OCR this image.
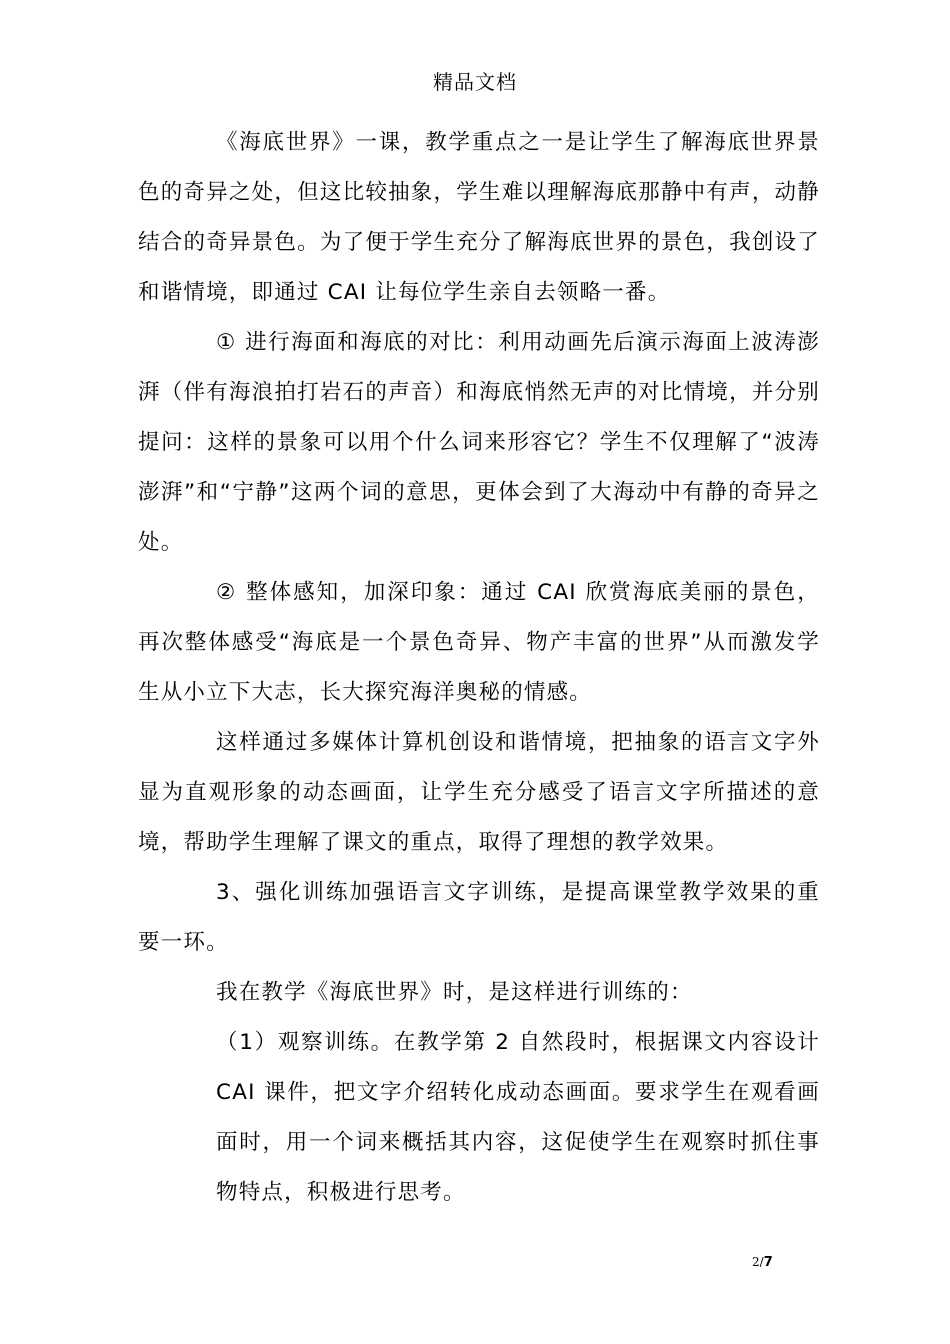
精品文档

《海底世界》一课，教学重点之一是让学生了解海底世界景色的奇异之处，但这比较抽象，学生难以理解海底那静中有声，动静结合的奇异景色。为了便于学生充分了解海底世界的景色，我创设了和谐情境，即通过 CAI 让每位学生亲自去领略一番。

① 进行海面和海底的对比：利用动画先后演示海面上波涛澎湃（伴有海浪拍打岩石的声音）和海底悄然无声的对比情境，并分别提问：这样的景象可以用个什么词来形容它？学生不仅理解了“波涛澎湃”和“宁静”这两个词的意思，更体会到了大海动中有静的奇异之处。

② 整体感知，加深印象：通过 CAI 欣赏海底美丽的景色，再次整体感受“海底是一个景色奇异、物产丰富的世界”从而激发学生从小立下大志，长大探究海洋奥秘的情感。

这样通过多媒体计算机创设和谐情境，把抽象的语言文字外显为直观形象的动态画面，让学生充分感受了语言文字所描述的意境，帮助学生理解了课文的重点，取得了理想的教学效果。

3、强化训练加强语言文字训练，是提高课堂教学效果的重要一环。

我在教学《海底世界》时，是这样进行训练的：

（1）观察训练。在教学第 2 自然段时，根据课文内容设计 CAI 课件，把文字介绍转化成动态画面。要求学生在观看画面时，用一个词来概括其内容，这促使学生在观察时抓住事物特点，积极进行思考。

2/7
